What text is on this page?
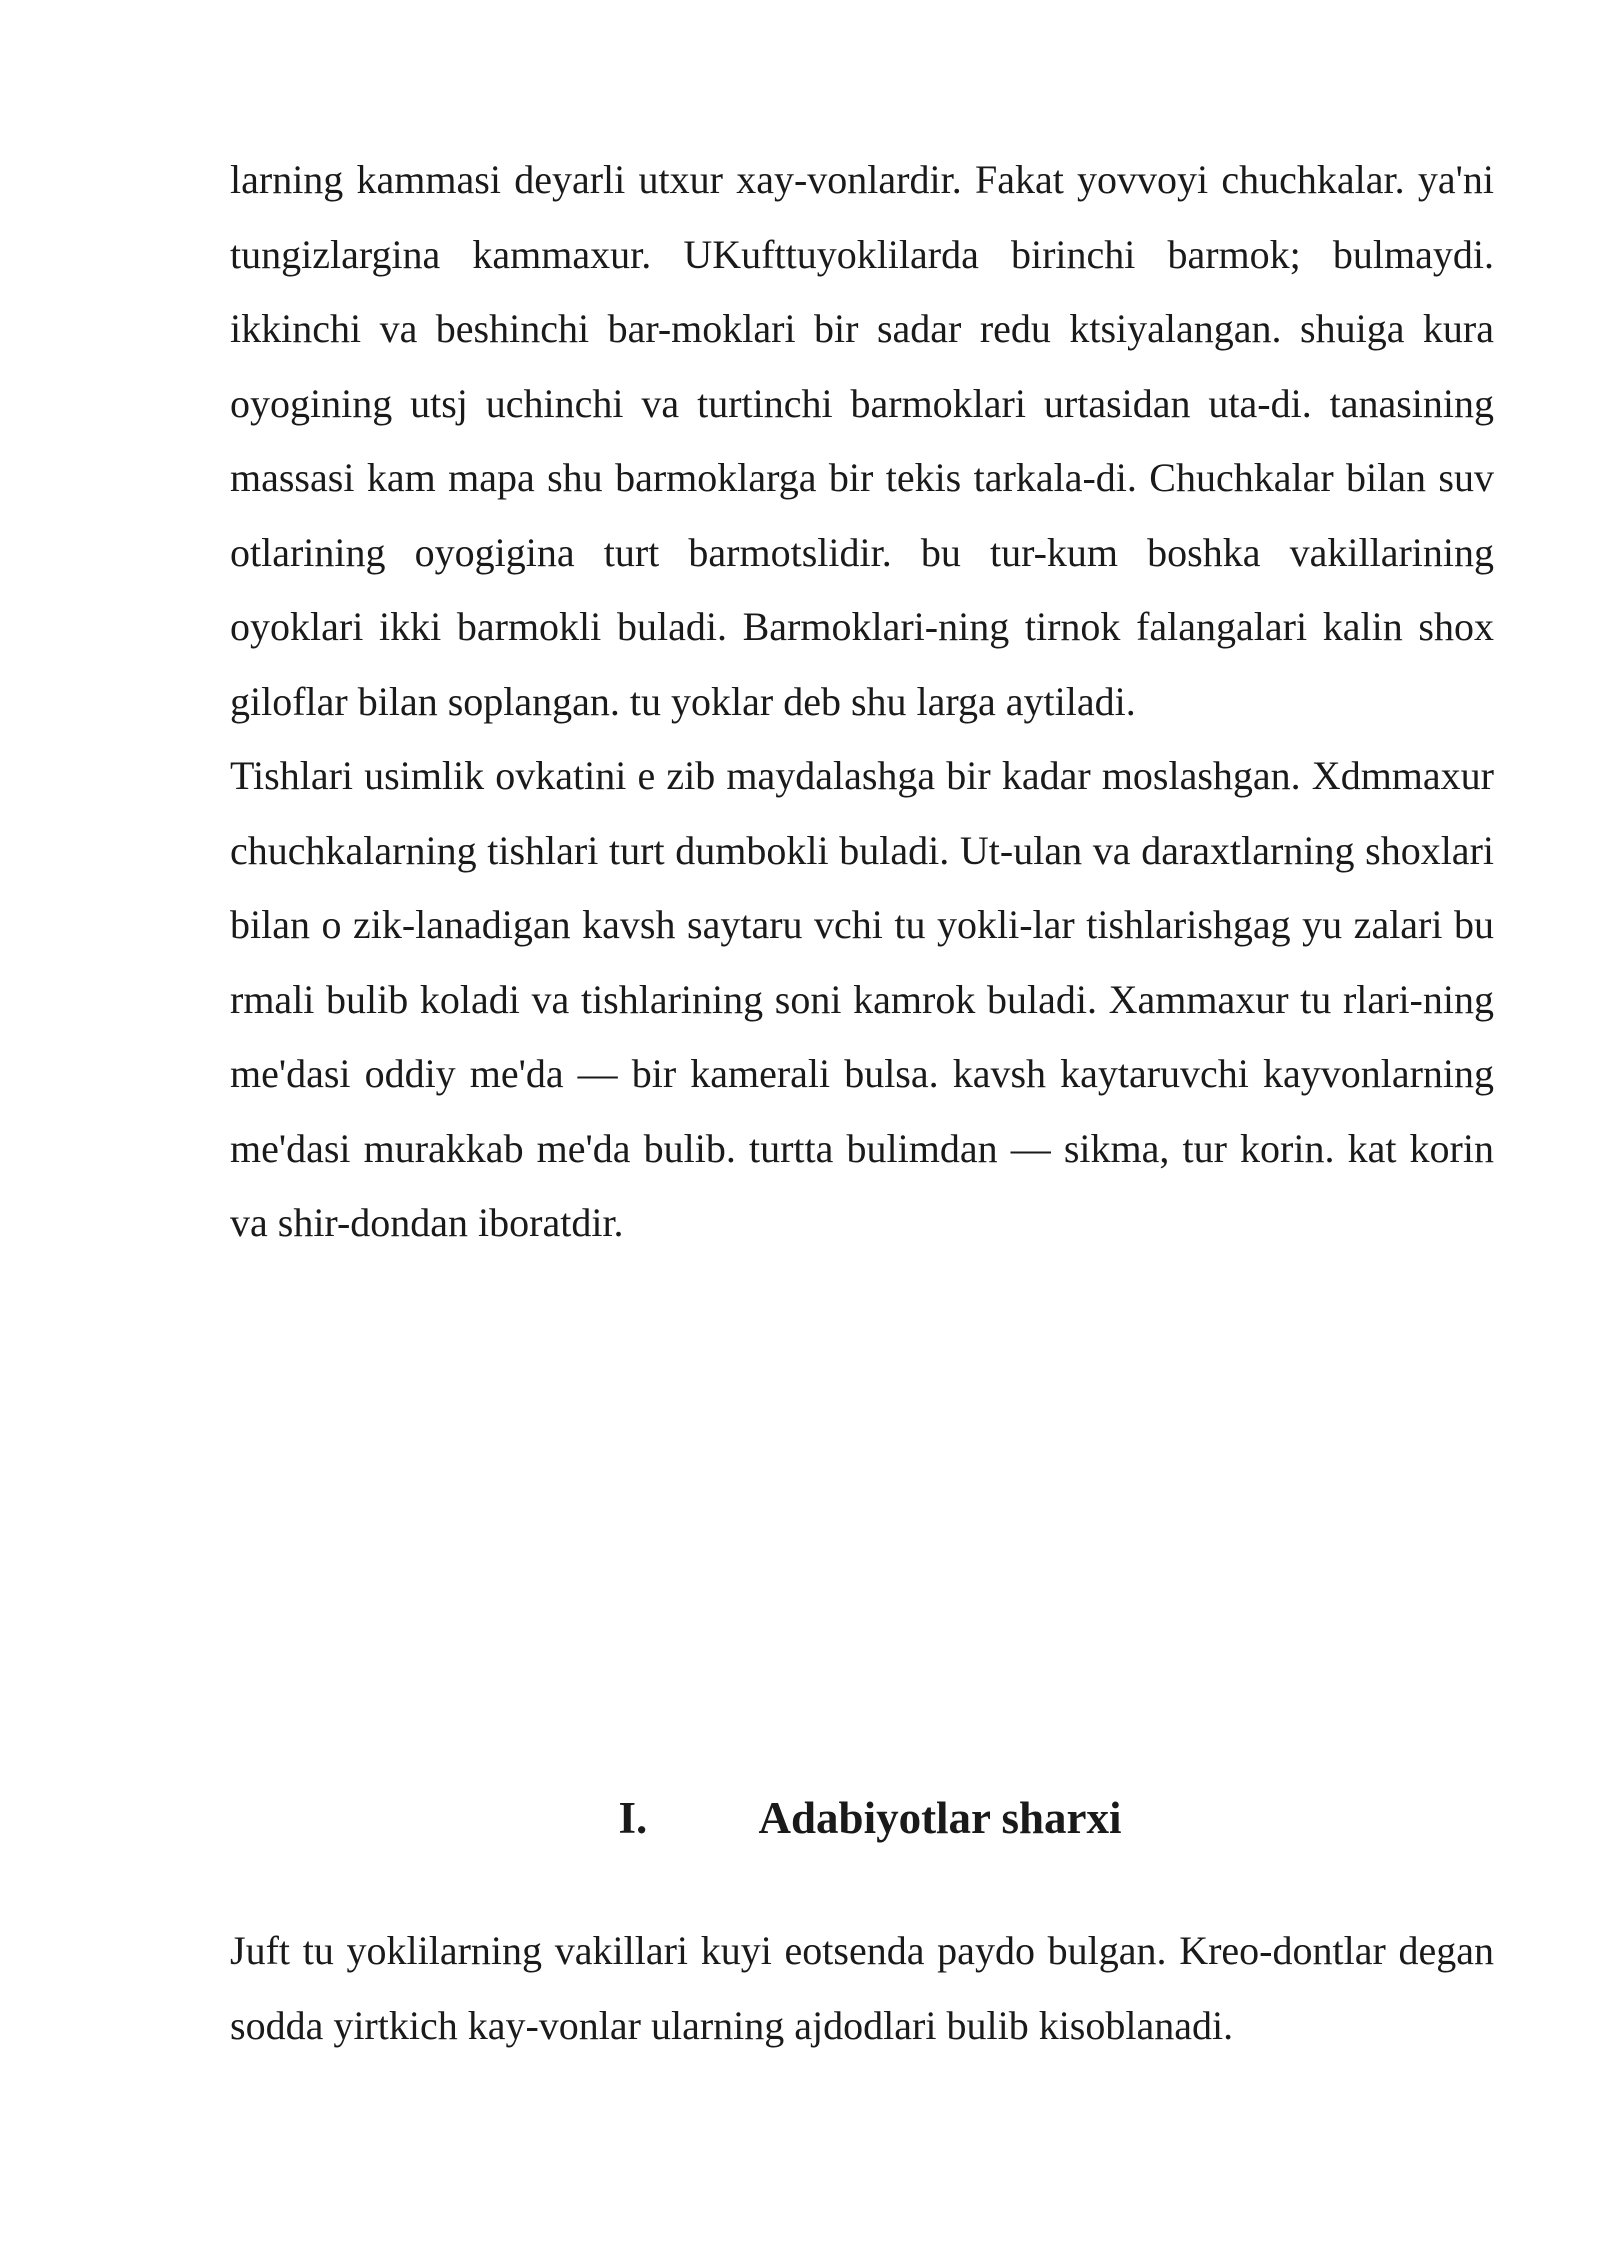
larning kammasi deyarli utxur xay-vonlardir. Fakat yovvoyi chuchkalar. ya'ni tungizlargina kammaxur. UKufttuyoklilarda birinchi barmok; bulmaydi. ikkinchi va beshinchi bar-moklari bir sadar redu ktsiyalangan. shuiga kura oyogining utsj uchinchi va turtinchi barmoklari urtasidan uta-di. tanasining massasi kam mapa shu barmoklarga bir tekis tarkala-di. Chuchkalar bilan suv otlarining oyogigina turt barmotslidir. bu tur-kum boshka vakillarining oyoklari ikki barmokli buladi. Barmoklari-ning tirnok falangalari kalin shox giloflar bilan soplangan. tu yoklar deb shu larga aytiladi.

Tishlari usimlik ovkatini e zib maydalashga bir kadar moslashgan. Xdmmaxur chuchkalarning tishlari turt dumbokli buladi. Ut-ulan va daraxtlarning shoxlari bilan o zik-lanadigan kavsh saytaru vchi tu yokli-lar tishlarishgag yu zalari bu rmali bulib koladi va tishlarining soni kamrok buladi. Xammaxur tu rlari-ning me'dasi oddiy me'da — bir kamerali bulsa. kavsh kaytaruvchi kayvonlarning me'dasi murakkab me'da bulib. turtta bulimdan — sikma, tur korin. kat korin va shir-dondan iboratdir.

I. Adabiyotlar sharxi

Juft tu yoklilarning vakillari kuyi eotsenda paydo bulgan. Kreo-dontlar degan sodda yirtkich kay-vonlar ularning ajdodlari bulib kisoblanadi.
